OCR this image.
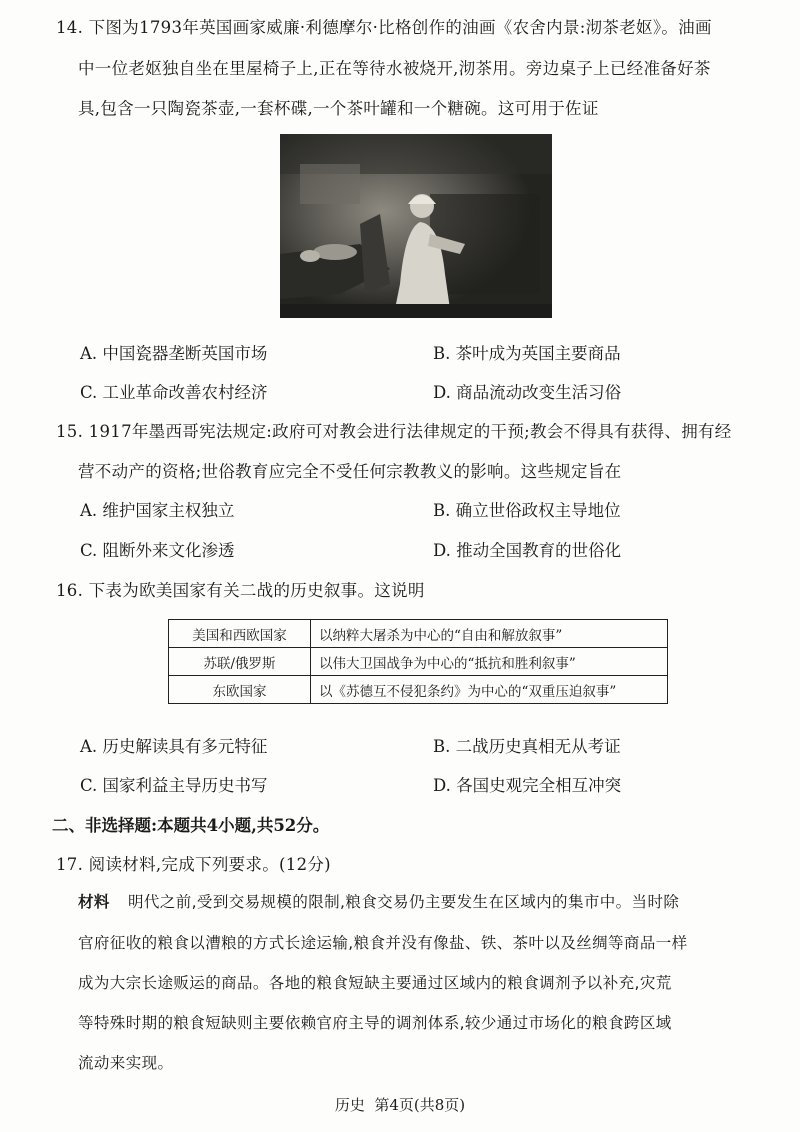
14. 下图为1793年英国画家威廉·利德摩尔·比格创作的油画《农舍内景:沏茶老妪》。油画
中一位老妪独自坐在里屋椅子上,正在等待水被烧开,沏茶用。旁边桌子上已经准备好茶
具,包含一只陶瓷茶壶,一套杯碟,一个茶叶罐和一个糖碗。这可用于佐证
A. 中国瓷器垄断英国市场	B. 茶叶成为英国主要商品
C. 工业革命改善农村经济	D. 商品流动改变生活习俗
15. 1917年墨西哥宪法规定:政府可对教会进行法律规定的干预;教会不得具有获得、拥有经
营不动产的资格;世俗教育应完全不受任何宗教教义的影响。这些规定旨在
A. 维护国家主权独立	B. 确立世俗政权主导地位
C. 阻断外来文化渗透	D. 推动全国教育的世俗化
16. 下表为欧美国家有关二战的历史叙事。这说明
美国和西欧国家	以纳粹大屠杀为中心的“自由和解放叙事”
苏联/俄罗斯	以伟大卫国战争为中心的“抵抗和胜利叙事”
东欧国家	以《苏德互不侵犯条约》为中心的“双重压迫叙事”
A. 历史解读具有多元特征	B. 二战历史真相无从考证
C. 国家利益主导历史书写	D. 各国史观完全相互冲突
二、非选择题:本题共4小题,共52分。
17. 阅读材料,完成下列要求。(12分)
材料 明代之前,受到交易规模的限制,粮食交易仍主要发生在区域内的集市中。当时除
官府征收的粮食以漕粮的方式长途运输,粮食并没有像盐、铁、茶叶以及丝绸等商品一样
成为大宗长途贩运的商品。各地的粮食短缺主要通过区域内的粮食调剂予以补充,灾荒
等特殊时期的粮食短缺则主要依赖官府主导的调剂体系,较少通过市场化的粮食跨区域
流动来实现。
历史  第4页(共8页)
